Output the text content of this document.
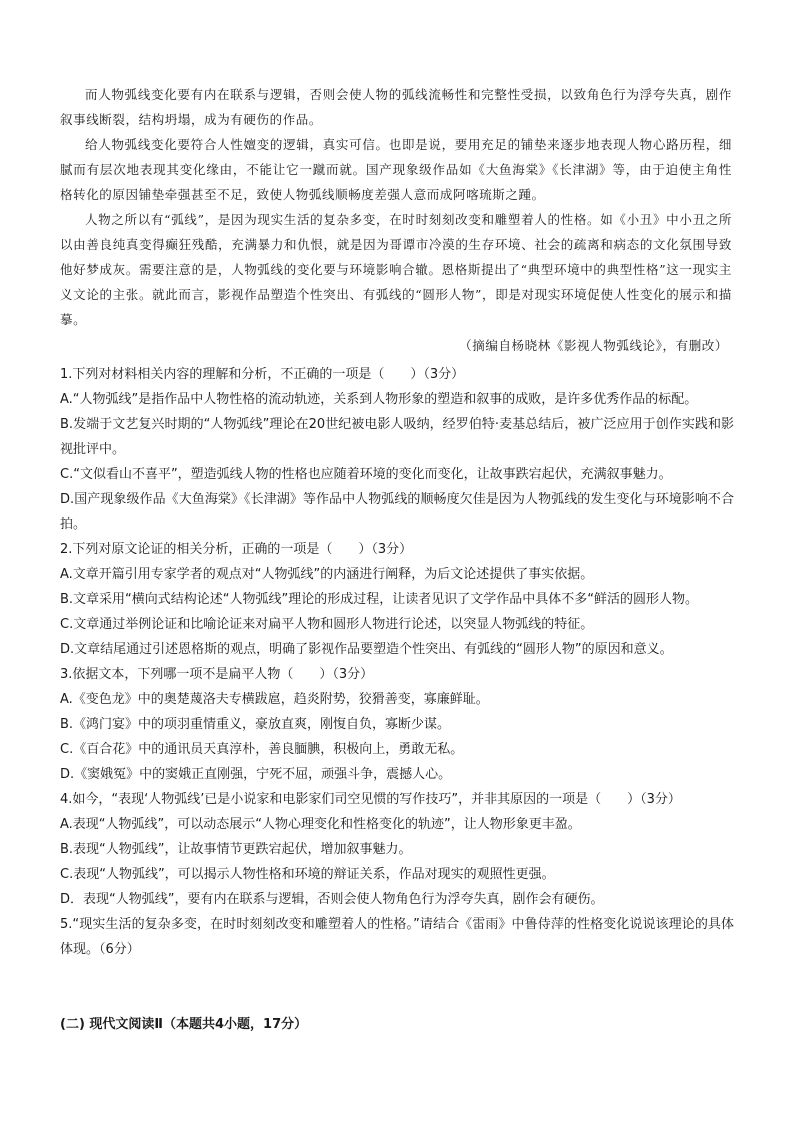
而人物弧线变化要有内在联系与逻辑，否则会使人物的弧线流畅性和完整性受损，以致角色行为浮夸失真，剧作叙事线断裂，结构坍塌，成为有硬伤的作品。

给人物弧线变化要符合人性嬗变的逻辑，真实可信。也即是说，要用充足的铺垫来逐步地表现人物心路历程，细腻而有层次地表现其变化缘由，不能让它一蹴而就。国产现象级作品如《大鱼海棠》《长津湖》等，由于迫使主角性格转化的原因铺垫牵强甚至不足，致使人物弧线顺畅度差强人意而成阿喀琉斯之踵。

人物之所以有“弧线”，是因为现实生活的复杂多变，在时时刻刻改变和雕塑着人的性格。如《小丑》中小丑之所以由善良纯真变得癫狂残酷，充满暴力和仇恨，就是因为哥谭市冷漠的生存环境、社会的疏离和病态的文化氛围导致他好梦成灰。需要注意的是，人物弧线的变化要与环境影响合辙。恩格斯提出了“典型环境中的典型性格”这一现实主义文论的主张。就此而言，影视作品塑造个性突出、有弧线的“圆形人物”，即是对现实环境促使人性变化的展示和描摹。

（摘编自杨晓林《影视人物弧线论》，有删改）

1.下列对材料相关内容的理解和分析，不正确的一项是（　　）（3分）

A.“人物弧线”是指作品中人物性格的流动轨迹，关系到人物形象的塑造和叙事的成败，是许多优秀作品的标配。

B.发端于文艺复兴时期的“人物弧线”理论在20世纪被电影人吸纳，经罗伯特·麦基总结后，被广泛应用于创作实践和影视批评中。

C.“文似看山不喜平”，塑造弧线人物的性格也应随着环境的变化而变化，让故事跌宕起伏，充满叙事魅力。

D.国产现象级作品《大鱼海棠》《长津湖》等作品中人物弧线的顺畅度欠佳是因为人物弧线的发生变化与环境影响不合拍。

2.下列对原文论证的相关分析，正确的一项是（　　）（3分）

A.文章开篇引用专家学者的观点对“人物弧线”的内涵进行阐释，为后文论述提供了事实依据。

B.文章采用“横向式结构论述“人物弧线”理论的形成过程，让读者见识了文学作品中具体不多“鲜活的圆形人物。

C.文章通过举例论证和比喻论证来对扁平人物和圆形人物进行论述，以突显人物弧线的特征。

D.文章结尾通过引述恩格斯的观点，明确了影视作品要塑造个性突出、有弧线的“圆形人物”的原因和意义。

3.依据文本，下列哪一项不是扁平人物（　　）（3分）

A.《变色龙》中的奥楚蔑洛夫专横跋扈，趋炎附势，狡猾善变，寡廉鲜耻。

B.《鸿门宴》中的项羽重情重义，豪放直爽，刚愎自负，寡断少谋。

C.《百合花》中的通讯员天真淳朴，善良腼腆，积极向上，勇敢无私。

D.《窦娥冤》中的窦娥正直刚强，宁死不屈，顽强斗争，震撼人心。

4.如今，“表现‘人物弧线’已是小说家和电影家们司空见惯的写作技巧”，并非其原因的一项是（　　）（3分）

A.表现“人物弧线”，可以动态展示“人物心理变化和性格变化的轨迹”，让人物形象更丰盈。

B.表现“人物弧线”，让故事情节更跌宕起伏，增加叙事魅力。

C.表现“人物弧线”，可以揭示人物性格和环境的辩证关系，作品对现实的观照性更强。

D．表现“人物弧线”，要有内在联系与逻辑，否则会使人物角色行为浮夸失真，剧作会有硬伤。

5.“现实生活的复杂多变，在时时刻刻改变和雕塑着人的性格。”请结合《雷雨》中鲁侍萍的性格变化说说该理论的具体体现。（6分）

(二) 现代文阅读Ⅱ（本题共4小题，17分）
